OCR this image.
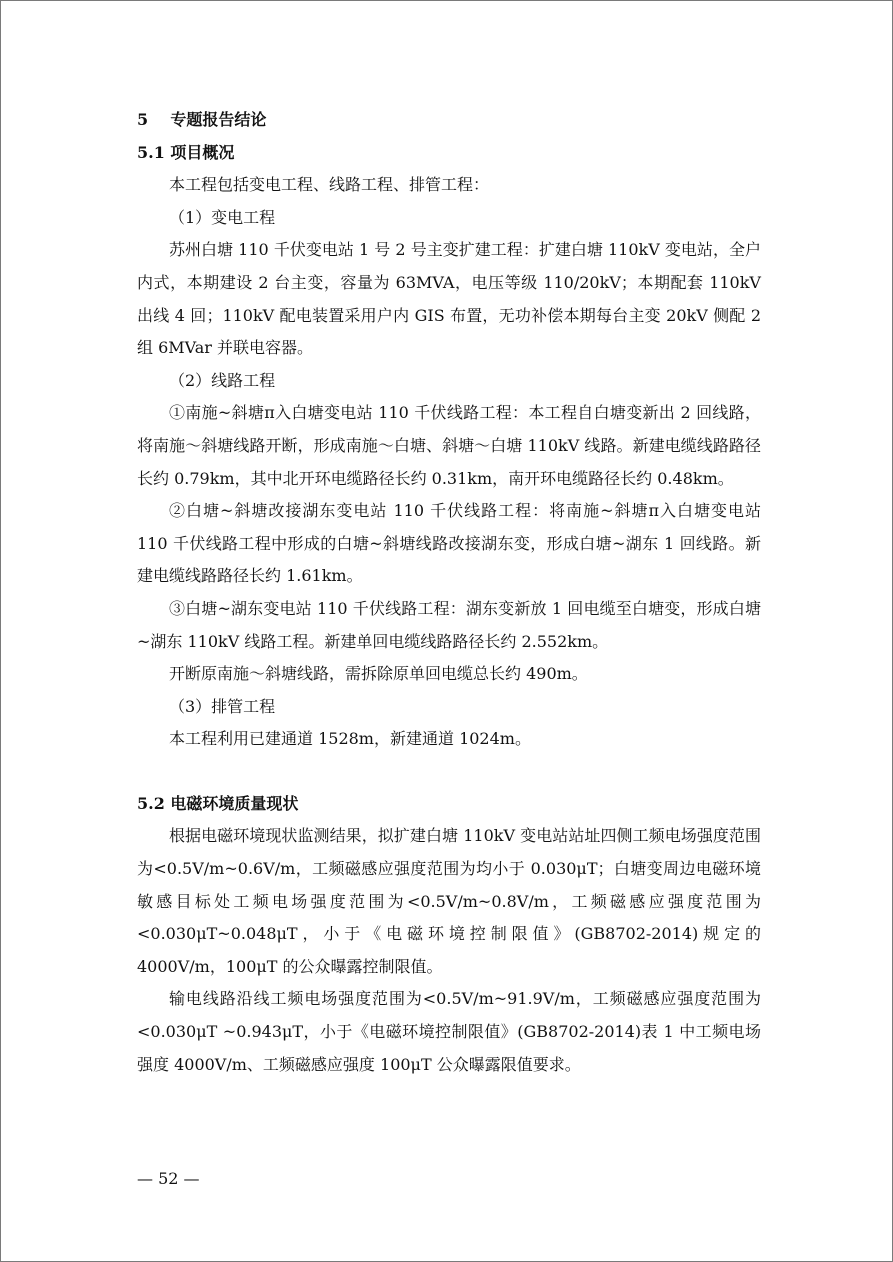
5 专题报告结论
5.1 项目概况

本工程包括变电工程、线路工程、排管工程：

（1）变电工程

苏州白塘 110 千伏变电站 1 号 2 号主变扩建工程：扩建白塘 110kV 变电站，全户内式，本期建设 2 台主变，容量为 63MVA，电压等级 110/20kV；本期配套 110kV 出线 4 回；110kV 配电装置采用户内 GIS 布置，无功补偿本期每台主变 20kV 侧配 2 组 6MVar 并联电容器。

（2）线路工程

①南施~斜塘π入白塘变电站 110 千伏线路工程：本工程自白塘变新出 2 回线路，将南施～斜塘线路开断，形成南施～白塘、斜塘～白塘 110kV 线路。新建电缆线路路径长约 0.79km，其中北开环电缆路径长约 0.31km，南开环电缆路径长约 0.48km。

②白塘~斜塘改接湖东变电站 110 千伏线路工程：将南施~斜塘π入白塘变电站 110 千伏线路工程中形成的白塘~斜塘线路改接湖东变，形成白塘~湖东 1 回线路。新建电缆线路路径长约 1.61km。

③白塘~湖东变电站 110 千伏线路工程：湖东变新放 1 回电缆至白塘变，形成白塘~湖东 110kV 线路工程。新建单回电缆线路路径长约 2.552km。

开断原南施～斜塘线路，需拆除原单回电缆总长约 490m。

（3）排管工程

本工程利用已建通道 1528m，新建通道 1024m。

5.2 电磁环境质量现状

根据电磁环境现状监测结果，拟扩建白塘 110kV 变电站站址四侧工频电场强度范围为<0.5V/m~0.6V/m，工频磁感应强度范围为均小于 0.030μT；白塘变周边电磁环境敏感目标处工频电场强度范围为<0.5V/m~0.8V/m，工频磁感应强度范围为<0.030μT~0.048μT，小于《电磁环境控制限值》(GB8702-2014)规定的 4000V/m，100μT 的公众曝露控制限值。

输电线路沿线工频电场强度范围为<0.5V/m~91.9V/m，工频磁感应强度范围为<0.030μT ~0.943μT，小于《电磁环境控制限值》(GB8702-2014)表 1 中工频电场强度 4000V/m、工频磁感应强度 100μT 公众曝露限值要求。

— 52 —
